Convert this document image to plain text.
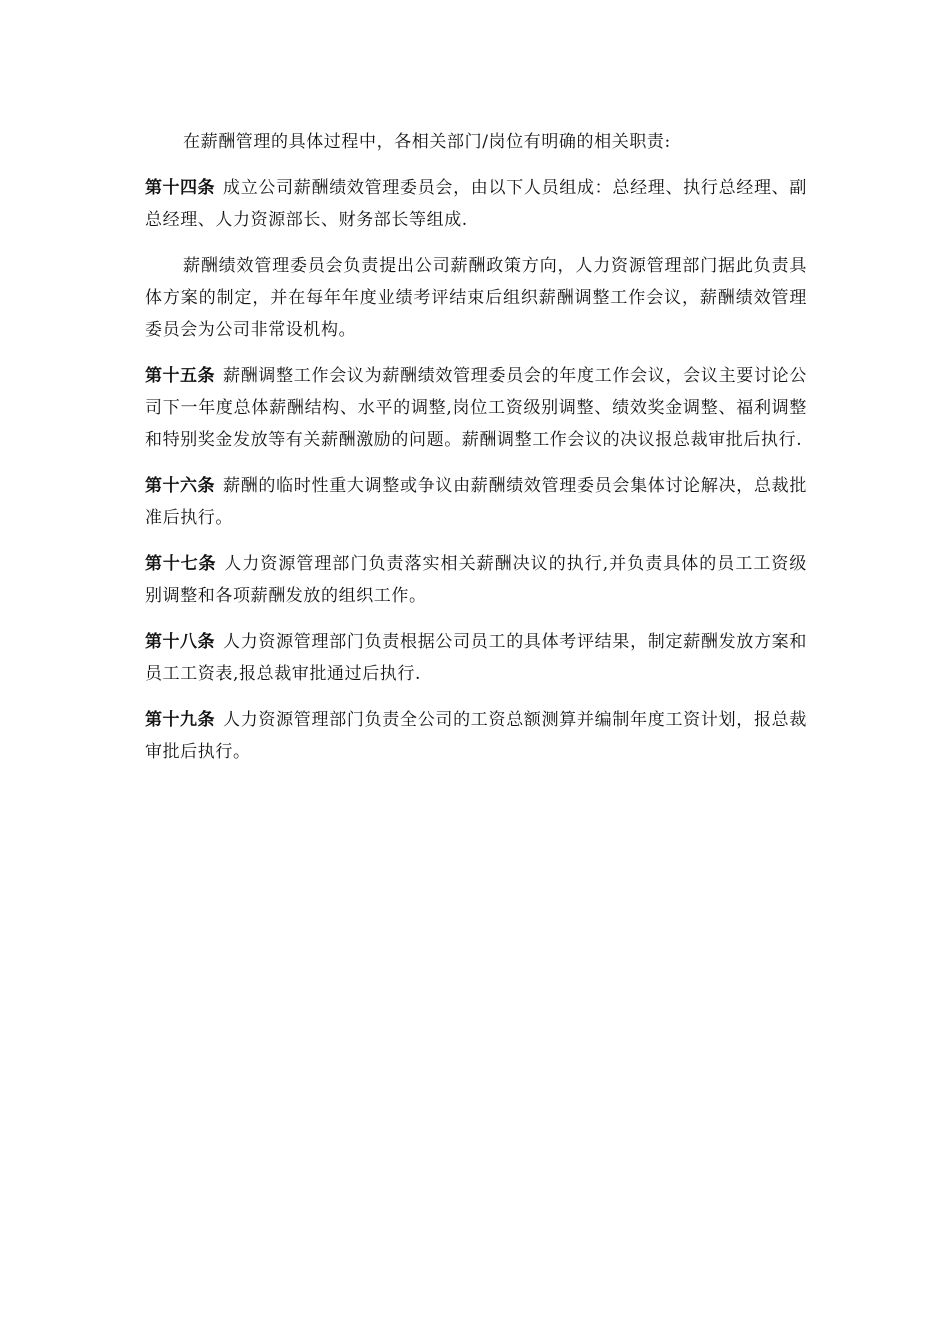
在薪酬管理的具体过程中，各相关部门/岗位有明确的相关职责:

第十四条 成立公司薪酬绩效管理委员会，由以下人员组成：总经理、执行总经理、副总经理、人力资源部长、财务部长等组成.

薪酬绩效管理委员会负责提出公司薪酬政策方向，人力资源管理部门据此负责具体方案的制定，并在每年年度业绩考评结束后组织薪酬调整工作会议，薪酬绩效管理委员会为公司非常设机构。

第十五条 薪酬调整工作会议为薪酬绩效管理委员会的年度工作会议，会议主要讨论公司下一年度总体薪酬结构、水平的调整,岗位工资级别调整、绩效奖金调整、福利调整和特别奖金发放等有关薪酬激励的问题。薪酬调整工作会议的决议报总裁审批后执行.

第十六条 薪酬的临时性重大调整或争议由薪酬绩效管理委员会集体讨论解决，总裁批准后执行。

第十七条 人力资源管理部门负责落实相关薪酬决议的执行,并负责具体的员工工资级别调整和各项薪酬发放的组织工作。

第十八条 人力资源管理部门负责根据公司员工的具体考评结果，制定薪酬发放方案和员工工资表,报总裁审批通过后执行.

第十九条 人力资源管理部门负责全公司的工资总额测算并编制年度工资计划，报总裁审批后执行。
